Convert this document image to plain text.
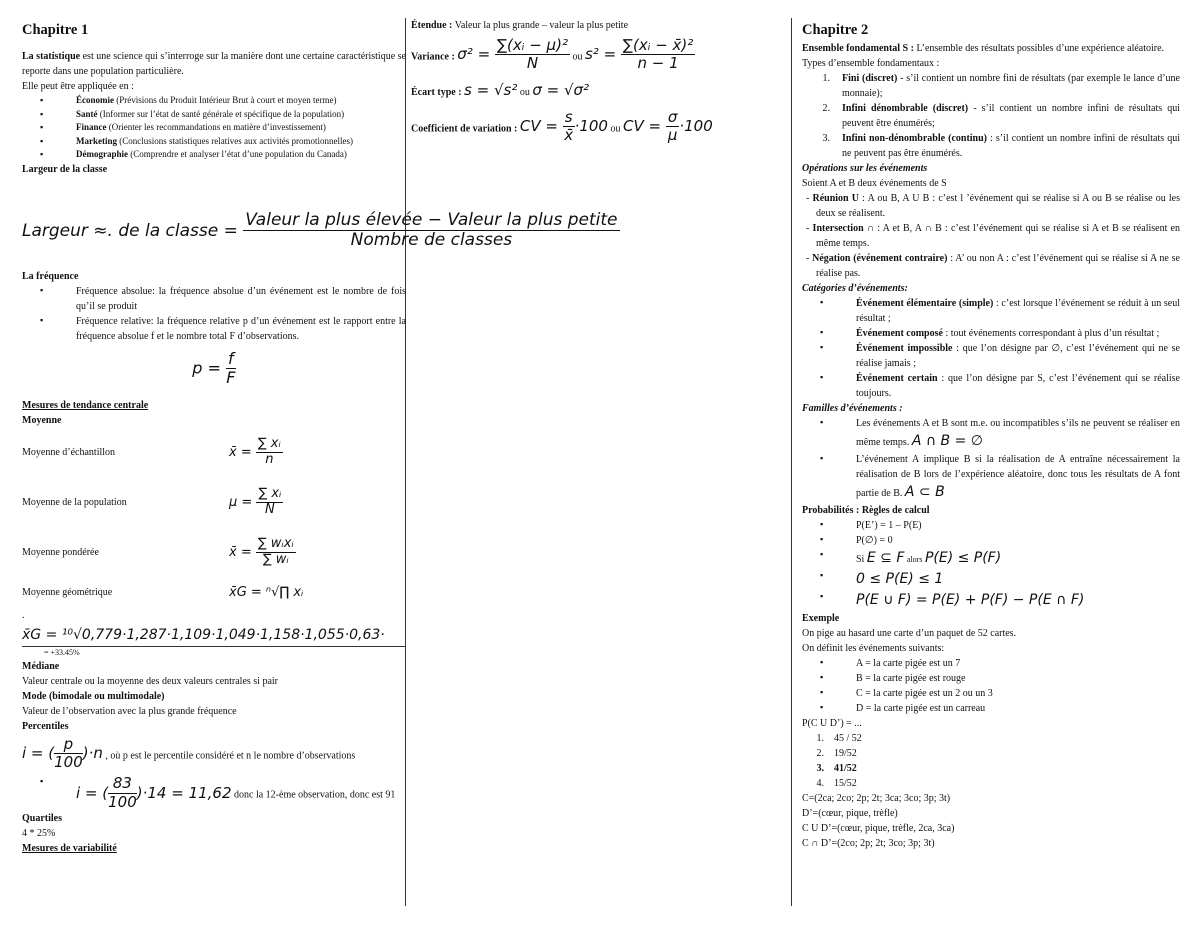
Chapitre 1

La statistique est une science qui s’interroge sur la manière dont une certaine caractéristique se reporte dans une population particulière.

Elle peut être appliquée en :

▪ Économie (Prévisions du Produit Intérieur Brut à court et moyen terme)
▪ Santé (Informer sur l’état de santé générale et spécifique de la population)
▪ Finance (Orienter les recommandations en matière d’investissement)
▪ Marketing (Conclusions statistiques relatives aux activités promotionnelles)
▪ Démographie (Comprendre et analyser l’état d’une population du Canada)

Largeur de la classe

Largeur ≈. de la classe = $\frac{\text{Valeur la plus élevée − Valeur la plus petite}}{\text{Nombre de classes}}$

La fréquence

▪ Fréquence absolue: la fréquence absolue d’un événement est le nombre de fois qu’il se produit
▪ Fréquence relative: la fréquence relative p d’un événement est le rapport entre la fréquence absolue f et le nombre total F d’observations.
$p = \frac{f}{F}$

Mesures de tendance centrale

Moyenne

Moyenne d’échantillon	x̄ = $\frac{\text{∑ xᵢ}}{n}$
Moyenne de la population	$\mu = \frac{\text{∑ xᵢ}}{N}$
Moyenne pondérée	x̄ = $\frac{\text{∑ wᵢxᵢ}}{\text{∑ wᵢ}}$
Moyenne géométrique	x̄G = ⁿ√∏ xᵢ

.

x̄G = ¹⁰√0,779·1,287·1,109·1,049·1,158·1,055·0,63·

= +33.45%

Médiane

Valeur centrale ou la moyenne des deux valeurs centrales si pair

Mode (bimodale ou multimodale)

Valeur de l’observation avec la plus grande fréquence

Percentiles

i = ( $\frac{p}{100} )\cdot n$ , où p est le percentile considéré et n le nombre d’observations
▪ i = ( $\frac{83}{100} )\cdot 14 = 11,62$ donc la 12-ème observation, donc est 91

Quartiles

4 * 25%

Mesures de variabilité

Étendue : Valeur la plus grande – valeur la plus petite
Variance : $\sigma^2 = \frac{\text{∑(xᵢ − μ)²}}{N}$ ou $s^2 = \frac{\text{∑(xᵢ − x̄)²}}{n - 1}$
Écart type : s = √s² ou σ = √σ²
Coefficient de variation : CV = $\frac{s}{x̄} \cdot 100$ ou CV = $\frac{\sigma}{\mu} \cdot 100$
Chapitre 2

Ensemble fondamental S : L’ensemble des résultats possibles d’une expérience aléatoire.

Types d’ensemble fondamentaux :

1.	Fini (discret) - s’il contient un nombre fini de résultats (par exemple le lance d’une monnaie);
2.	Infini dénombrable (discret) - s’il contient un nombre infini de résultats qui peuvent être énumérés;
3.	Infini non-dénombrable (continu) : s’il contient un nombre infini de résultats qui ne peuvent pas être énumérés.

Opérations sur les événements

Soient A et B deux événements de S

- Réunion U : A ou B, A U B : c’est l ’événement qui se réalise si A ou B se réalise ou les deux se réalisent.
- Intersection ∩ : A et B, A ∩ B : c’est l’événement qui se réalise si A et B se réalisent en même temps.
- Négation (événement contraire) : A’ ou non A : c’est l’événement qui se réalise si A ne se réalise pas.

Catégories d’événements:

▪ Événement élémentaire (simple) : c’est lorsque l’événement se réduit à un seul résultat ;
▪ Événement composé : tout événements correspondant à plus d’un résultat ;
▪ Événement impossible : que l’on désigne par ∅, c’est l’événement qui ne se réalise jamais ;
▪ Événement certain : que l’on désigne par S, c’est l’événement qui se réalise toujours.

Familles d’événements :

▪ Les événements A et B sont m.e. ou incompatibles s’ils ne peuvent se réaliser en même temps. A ∩ B = ∅
▪ L’événement A implique B si la réalisation de A entraîne nécessairement la réalisation de B lors de l’expérience aléatoire, donc tous les résultats de A font partie de B. A ⊂ B

Probabilités : Règles de calcul

▪ P(E’) = 1 – P(E)
▪ P(∅) = 0
▪ Si E ⊆ F alors P(E) ≤ P(F)
▪ 0 ≤ P(E) ≤ 1
▪ P(E ∪ F) = P(E) + P(F) − P(E ∩ F)

Exemple

On pige au hasard une carte d’un paquet de 52 cartes.

On définit les événements suivants:

▪ A = la carte pigée est un 7
▪ B = la carte pigée est rouge
▪ C = la carte pigée est un 2 ou un 3
▪ D = la carte pigée est un carreau

P(C U D’) = ...

1.	45 / 52
2.	19/52
3.	41/52
4.	15/52

C=(2ca; 2co; 2p; 2t; 3ca; 3co; 3p; 3t)

D’=(cœur, pique, trèfle)

C U D’=(cœur, pique, trèfle, 2ca, 3ca)

C ∩ D’=(2co; 2p; 2t; 3co; 3p; 3t)
